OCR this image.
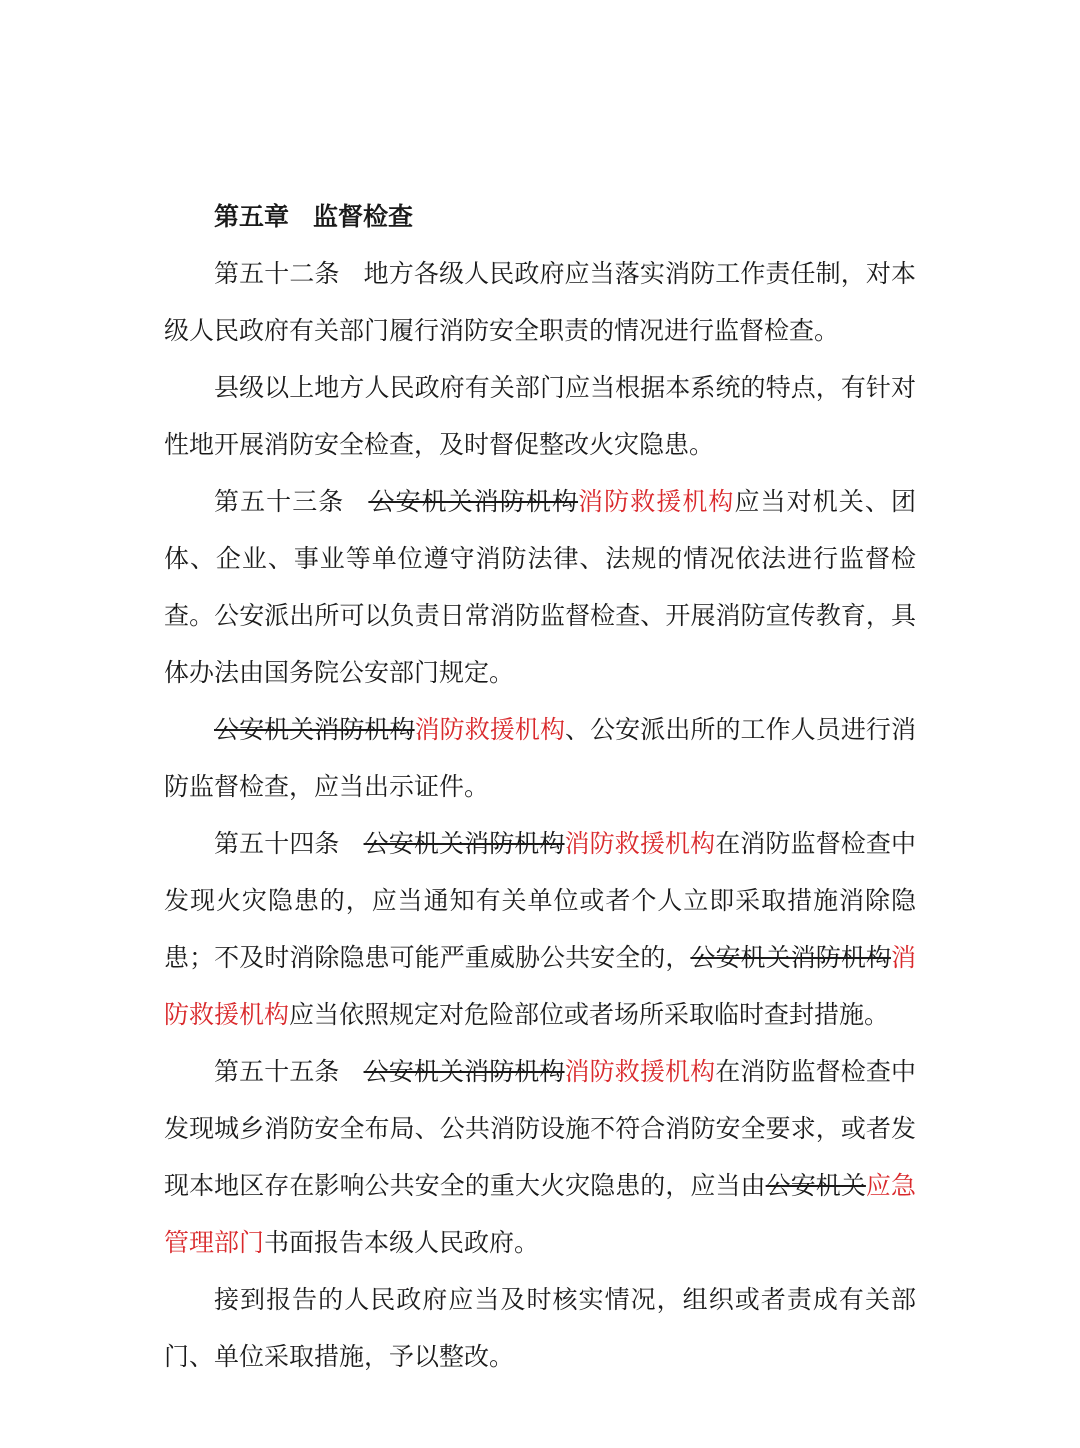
第五章 监督检查

第五十二条 地方各级人民政府应当落实消防工作责任制，对本级人民政府有关部门履行消防安全职责的情况进行监督检查。

县级以上地方人民政府有关部门应当根据本系统的特点，有针对性地开展消防安全检查，及时督促整改火灾隐患。

第五十三条 公安机关消防机构消防救援机构应当对机关、团体、企业、事业等单位遵守消防法律、法规的情况依法进行监督检查。公安派出所可以负责日常消防监督检查、开展消防宣传教育，具体办法由国务院公安部门规定。

公安机关消防机构消防救援机构、公安派出所的工作人员进行消防监督检查，应当出示证件。

第五十四条 公安机关消防机构消防救援机构在消防监督检查中发现火灾隐患的，应当通知有关单位或者个人立即采取措施消除隐患；不及时消除隐患可能严重威胁公共安全的，公安机关消防机构消防救援机构应当依照规定对危险部位或者场所采取临时查封措施。

第五十五条 公安机关消防机构消防救援机构在消防监督检查中发现城乡消防安全布局、公共消防设施不符合消防安全要求，或者发现本地区存在影响公共安全的重大火灾隐患的，应当由公安机关应急管理部门书面报告本级人民政府。

接到报告的人民政府应当及时核实情况，组织或者责成有关部门、单位采取措施，予以整改。
